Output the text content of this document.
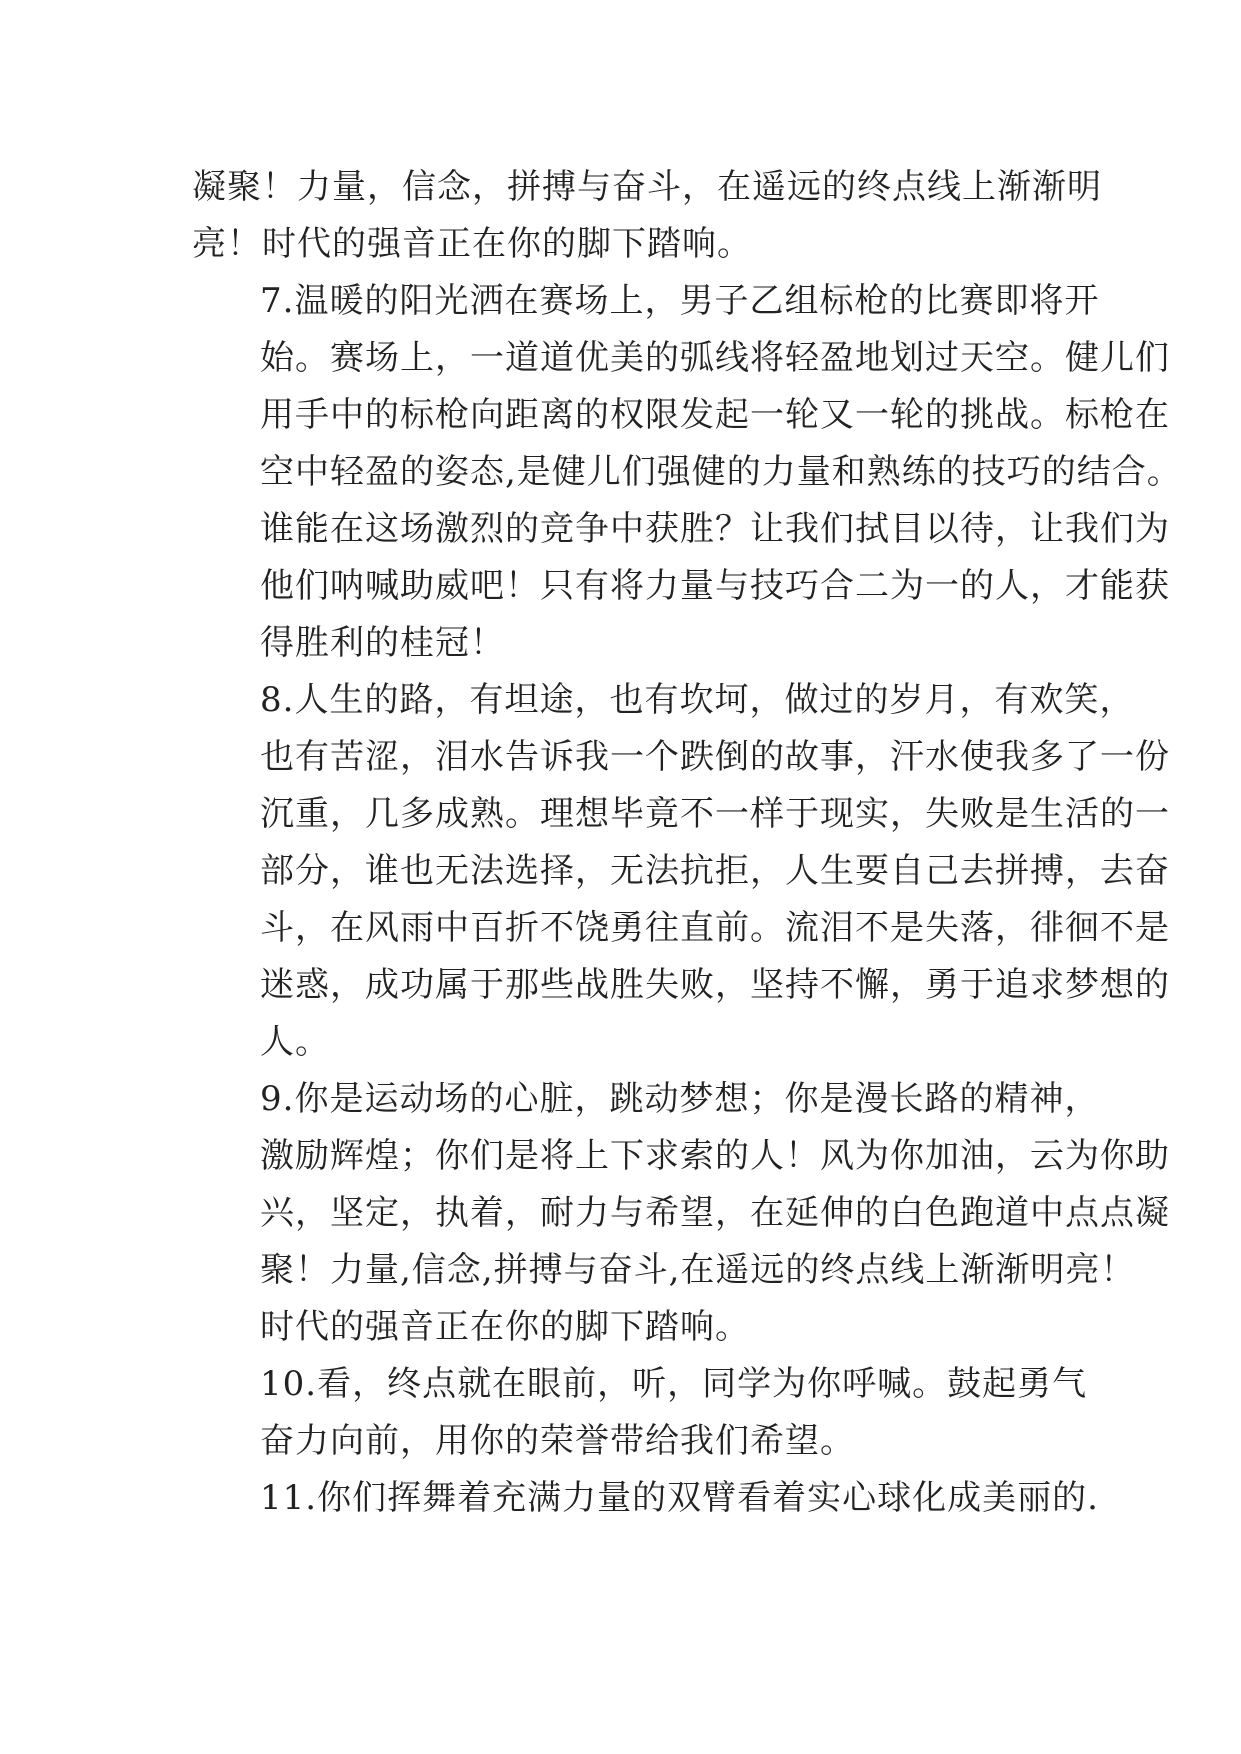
凝聚！力量，信念，拼搏与奋斗，在遥远的终点线上渐渐明
亮！时代的强音正在你的脚下踏响。

7.温暖的阳光洒在赛场上，男子乙组标枪的比赛即将开
始。赛场上，一道道优美的弧线将轻盈地划过天空。健儿们
用手中的标枪向距离的权限发起一轮又一轮的挑战。标枪在
空中轻盈的姿态,是健儿们强健的力量和熟练的技巧的结合。
谁能在这场激烈的竞争中获胜？让我们拭目以待，让我们为
他们呐喊助威吧！只有将力量与技巧合二为一的人，才能获
得胜利的桂冠！

8.人生的路，有坦途，也有坎坷，做过的岁月，有欢笑，
也有苦涩，泪水告诉我一个跌倒的故事，汗水使我多了一份
沉重，几多成熟。理想毕竟不一样于现实，失败是生活的一
部分，谁也无法选择，无法抗拒，人生要自己去拼搏，去奋
斗，在风雨中百折不饶勇往直前。流泪不是失落，徘徊不是
迷惑，成功属于那些战胜失败，坚持不懈，勇于追求梦想的
人。

9.你是运动场的心脏，跳动梦想；你是漫长路的精神，
激励辉煌；你们是将上下求索的人！风为你加油，云为你助
兴，坚定，执着，耐力与希望，在延伸的白色跑道中点点凝
聚！力量,信念,拼搏与奋斗,在遥远的终点线上渐渐明亮！
时代的强音正在你的脚下踏响。

10.看，终点就在眼前，听，同学为你呼喊。鼓起勇气
奋力向前，用你的荣誉带给我们希望。

11.你们挥舞着充满力量的双臂看着实心球化成美丽的.
